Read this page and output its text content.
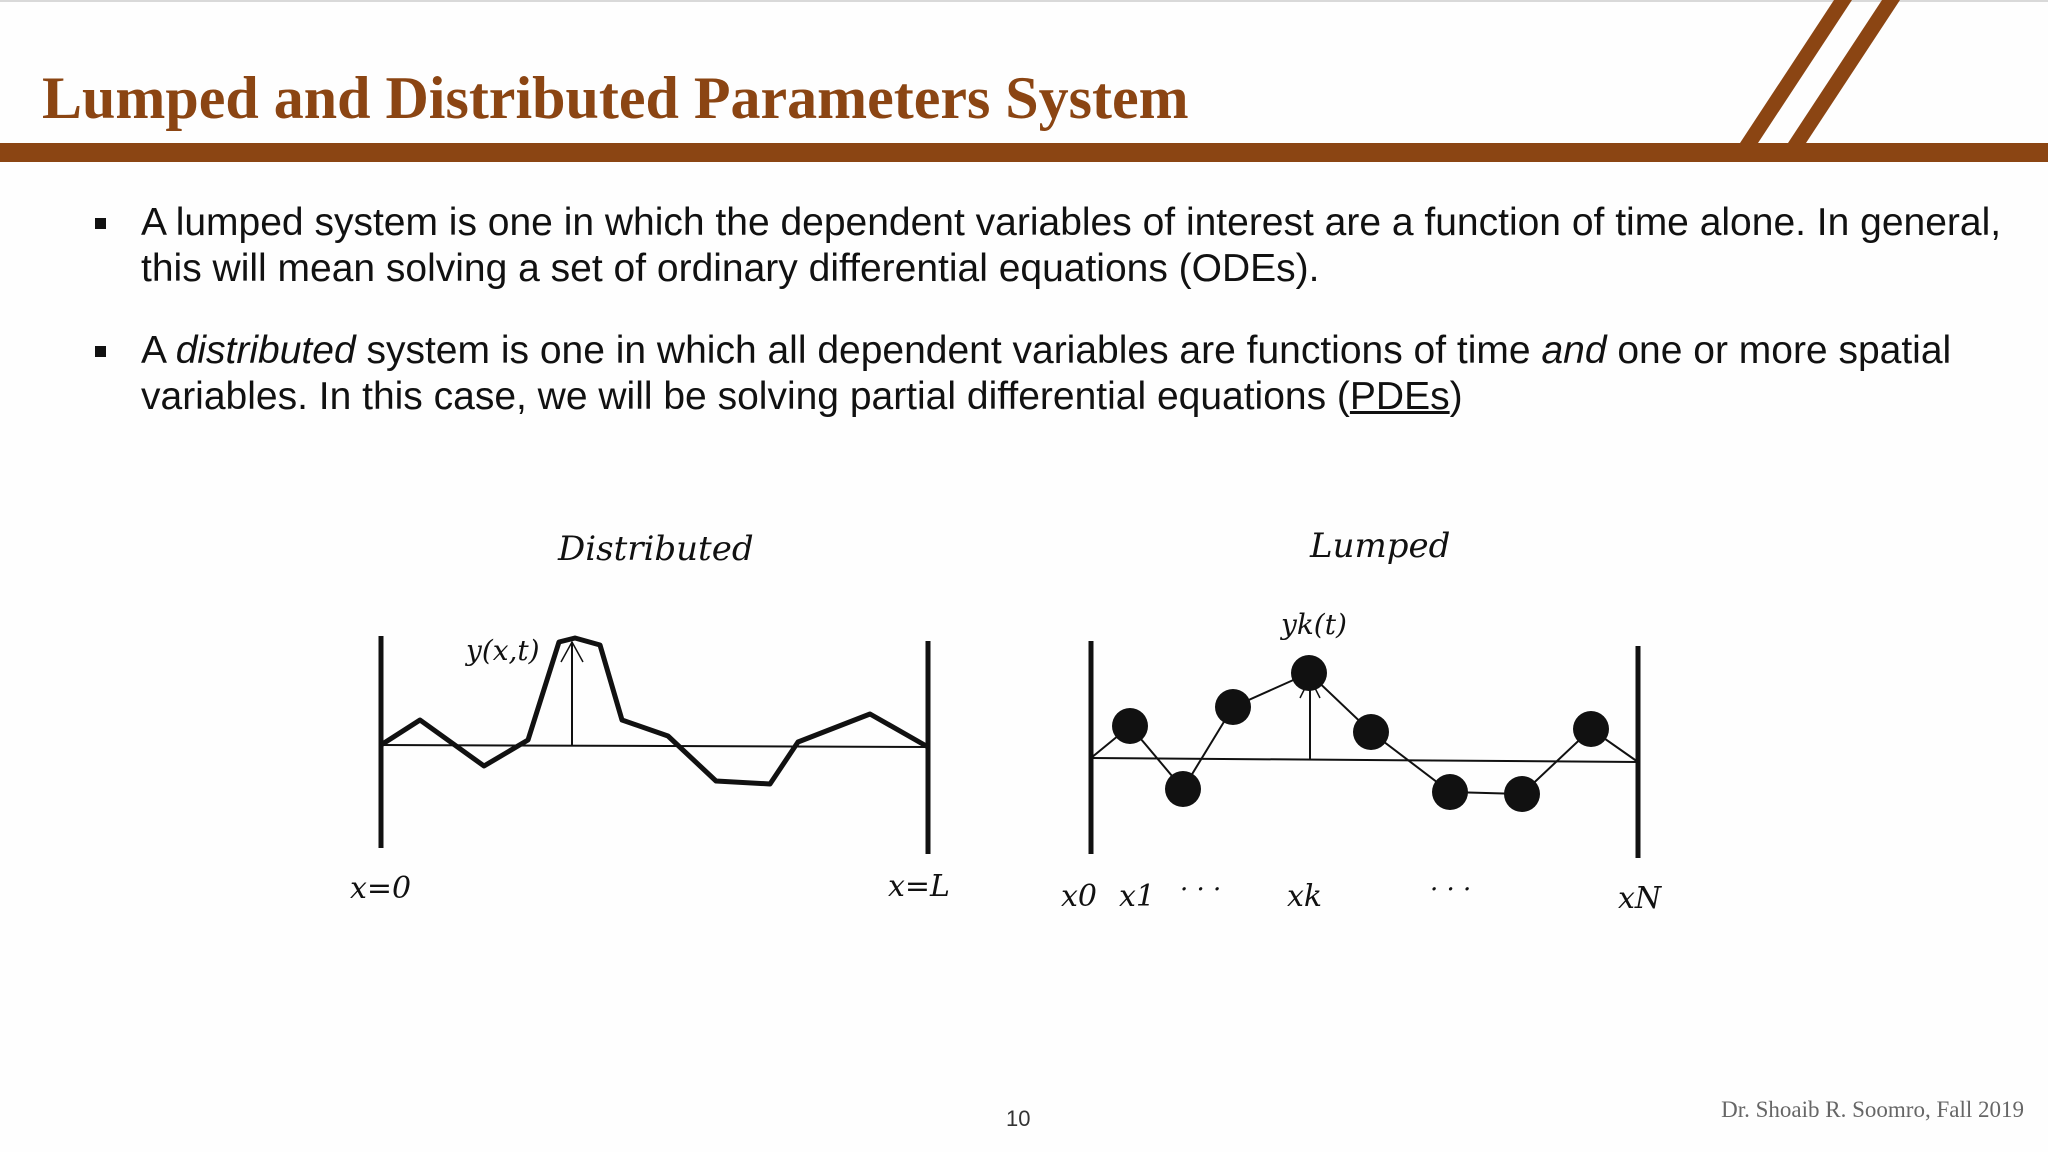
Lumped and Distributed Parameters System
A lumped system is one in which the dependent variables of interest are a function of time alone. In general, this will mean solving a set of ordinary differential equations (ODEs).
A distributed system is one in which all dependent variables are functions of time and one or more spatial variables. In this case, we will be solving partial differential equations (PDEs)
Distributed
y(x,t)
x=0	x=L
Lumped
yk(t)
x0 x1 · · · xk	· · ·	xN
10	Dr. Shoaib R. Soomro, Fall 2019
